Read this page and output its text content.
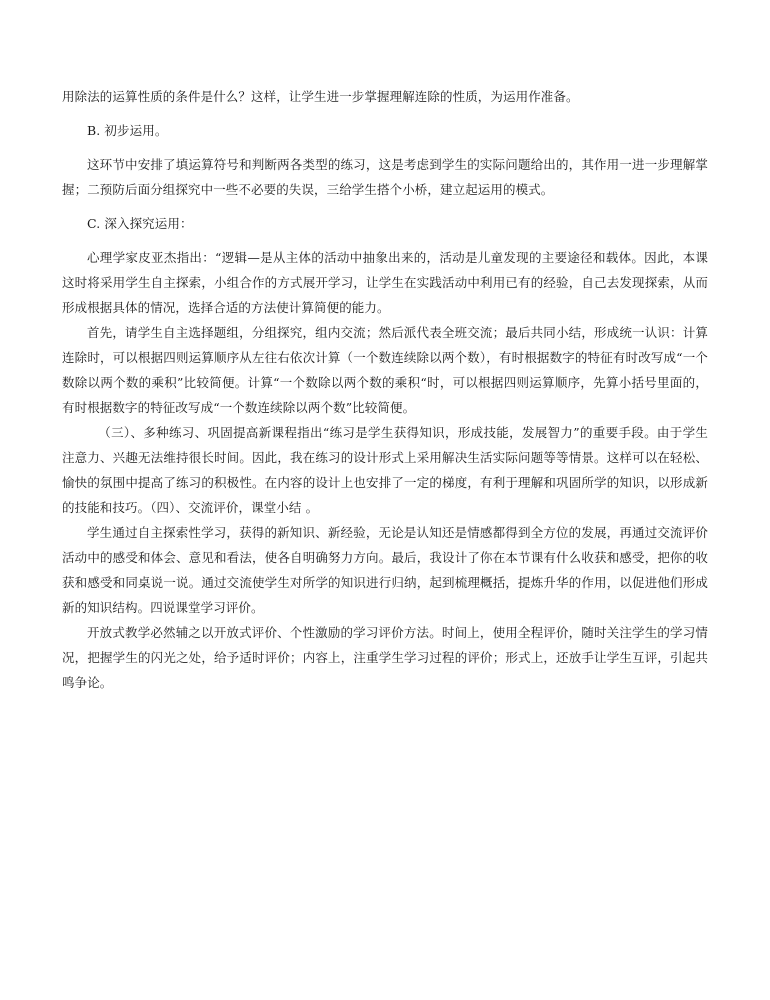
用除法的运算性质的条件是什么？这样，让学生进一步掌握理解连除的性质，为运用作准备。

B. 初步运用。

这环节中安排了填运算符号和判断两各类型的练习，这是考虑到学生的实际问题给出的，其作用一进一步理解掌握；二预防后面分组探究中一些不必要的失误，三给学生搭个小桥，建立起运用的模式。

C. 深入探究运用：

心理学家皮亚杰指出：“逻辑—是从主体的活动中抽象出来的，活动是儿童发现的主要途径和载体。因此，本课这时将采用学生自主探索，小组合作的方式展开学习，让学生在实践活动中利用已有的经验，自己去发现探索，从而形成根据具体的情况，选择合适的方法使计算简便的能力。

首先，请学生自主选择题组，分组探究，组内交流；然后派代表全班交流；最后共同小结，形成统一认识：计算连除时，可以根据四则运算顺序从左往右依次计算（一个数连续除以两个数），有时根据数字的特征有时改写成“一个数除以两个数的乘积”比较简便。计算“一个数除以两个数的乘积“时，可以根据四则运算顺序，先算小括号里面的，有时根据数字的特征改写成“一个数连续除以两个数”比较简便。

（三）、多种练习、巩固提高新课程指出“练习是学生获得知识，形成技能，发展智力”的重要手段。由于学生注意力、兴趣无法维持很长时间。因此，我在练习的设计形式上采用解决生活实际问题等等情景。这样可以在轻松、愉快的氛围中提高了练习的积极性。在内容的设计上也安排了一定的梯度，有利于理解和巩固所学的知识，以形成新的技能和技巧。（四）、交流评价，课堂小结 。

学生通过自主探索性学习，获得的新知识、新经验，无论是认知还是情感都得到全方位的发展，再通过交流评价活动中的感受和体会、意见和看法，使各自明确努力方向。最后，我设计了你在本节课有什么收获和感受，把你的收获和感受和同桌说一说。通过交流使学生对所学的知识进行归纳，起到梳理概括，提炼升华的作用，以促进他们形成新的知识结构。四说课堂学习评价。

开放式教学必然辅之以开放式评价、个性激励的学习评价方法。时间上，使用全程评价，随时关注学生的学习情况，把握学生的闪光之处，给予适时评价；内容上，注重学生学习过程的评价；形式上，还放手让学生互评，引起共鸣争论。
